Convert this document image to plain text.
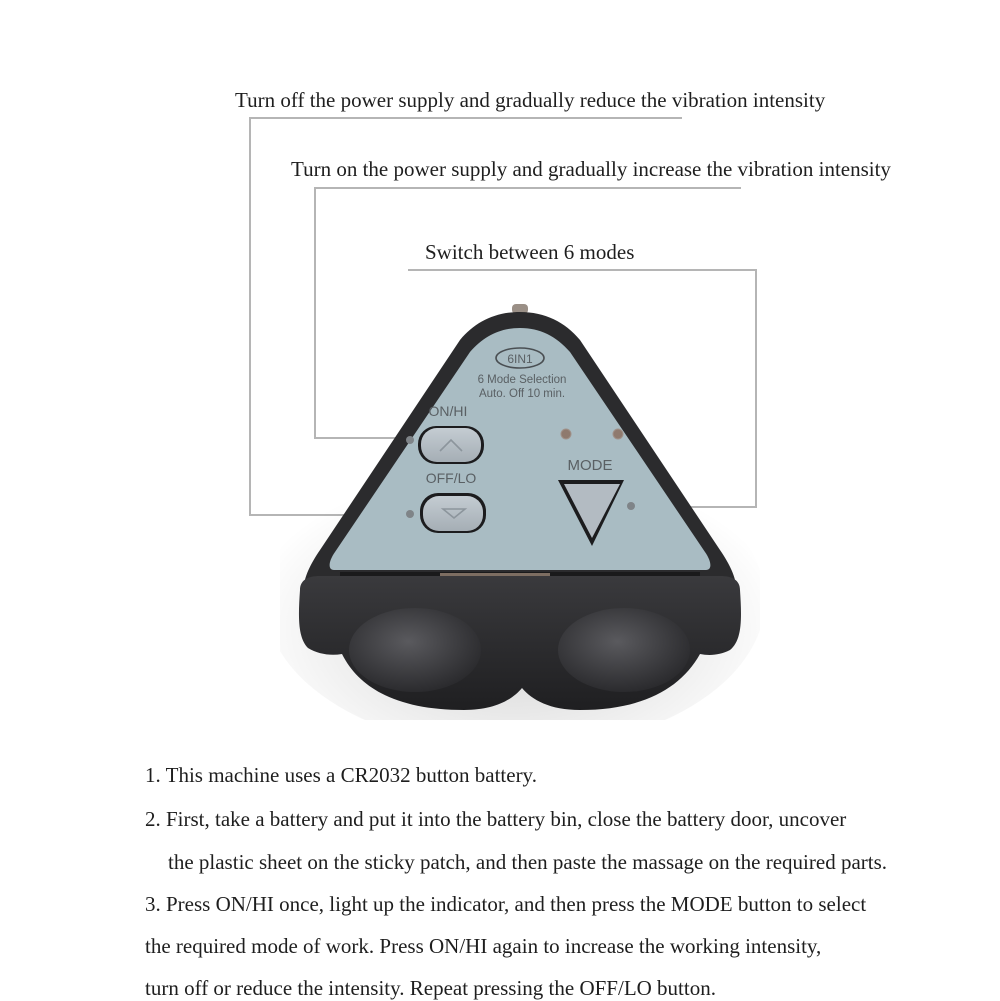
Turn off the power supply and gradually reduce the vibration intensity
Turn on the power supply and gradually increase the vibration intensity
Switch between 6 modes
6IN1
6 Mode Selection
Auto. Off 10 min.
ON/HI
OFF/LO
MODE
1. This machine uses a CR2032 button battery.
2. First, take a battery and put it into the battery bin, close the battery door, uncover
the plastic sheet on the sticky patch, and then paste the massage on the required parts.
3. Press ON/HI once, light up the indicator, and then press the MODE button to select
the required mode of work. Press ON/HI again to increase the working intensity,
turn off or reduce the intensity. Repeat pressing the OFF/LO button.
